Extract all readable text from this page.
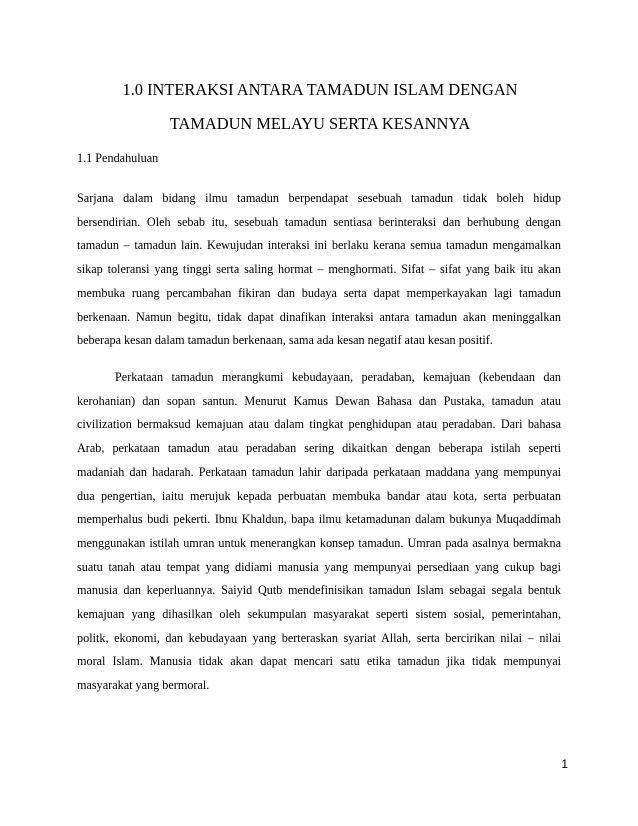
1.0 INTERAKSI ANTARA TAMADUN ISLAM DENGAN
TAMADUN MELAYU SERTA KESANNYA
1.1 Pendahuluan
Sarjana dalam bidang ilmu tamadun berpendapat sesebuah tamadun tidak boleh hidup
bersendirian. Oleh sebab itu, sesebuah tamadun sentiasa berinteraksi dan berhubung dengan
tamadun – tamadun lain. Kewujudan interaksi ini berlaku kerana semua tamadun mengamalkan
sikap toleransi yang tinggi serta saling hormat – menghormati. Sifat – sifat yang baik itu akan
membuka ruang percambahan fikiran dan budaya serta dapat memperkayakan lagi tamadun
berkenaan. Namun begitu, tidak dapat dinafikan interaksi antara tamadun akan meninggalkan
beberapa kesan dalam tamadun berkenaan, sama ada kesan negatif atau kesan positif.
Perkataan tamadun merangkumi kebudayaan, peradaban, kemajuan (kebendaan dan
kerohanian) dan sopan santun. Menurut Kamus Dewan Bahasa dan Pustaka, tamadun atau
civilization bermaksud kemajuan atau dalam tingkat penghidupan atau peradaban. Dari bahasa
Arab, perkataan tamadun atau peradaban sering dikaitkan dengan beberapa istilah seperti
madaniah dan hadarah. Perkataan tamadun lahir daripada perkataan maddana yang mempunyai
dua pengertian, iaitu merujuk kepada perbuatan membuka bandar atau kota, serta perbuatan
memperhalus budi pekerti. Ibnu Khaldun, bapa ilmu ketamadunan dalam bukunya Muqaddimah
menggunakan istilah umran untuk menerangkan konsep tamadun. Umran pada asalnya bermakna
suatu tanah atau tempat yang didiami manusia yang mempunyai persediaan yang cukup bagi
manusia dan keperluannya. Saiyid Qutb mendefinisikan tamadun Islam sebagai segala bentuk
kemajuan yang dihasilkan oleh sekumpulan masyarakat seperti sistem sosial, pemerintahan,
politk, ekonomi, dan kebudayaan yang berteraskan syariat Allah, serta bercirikan nilai – nilai
moral Islam. Manusia tidak akan dapat mencari satu etika tamadun jika tidak mempunyai
masyarakat yang bermoral.
1
